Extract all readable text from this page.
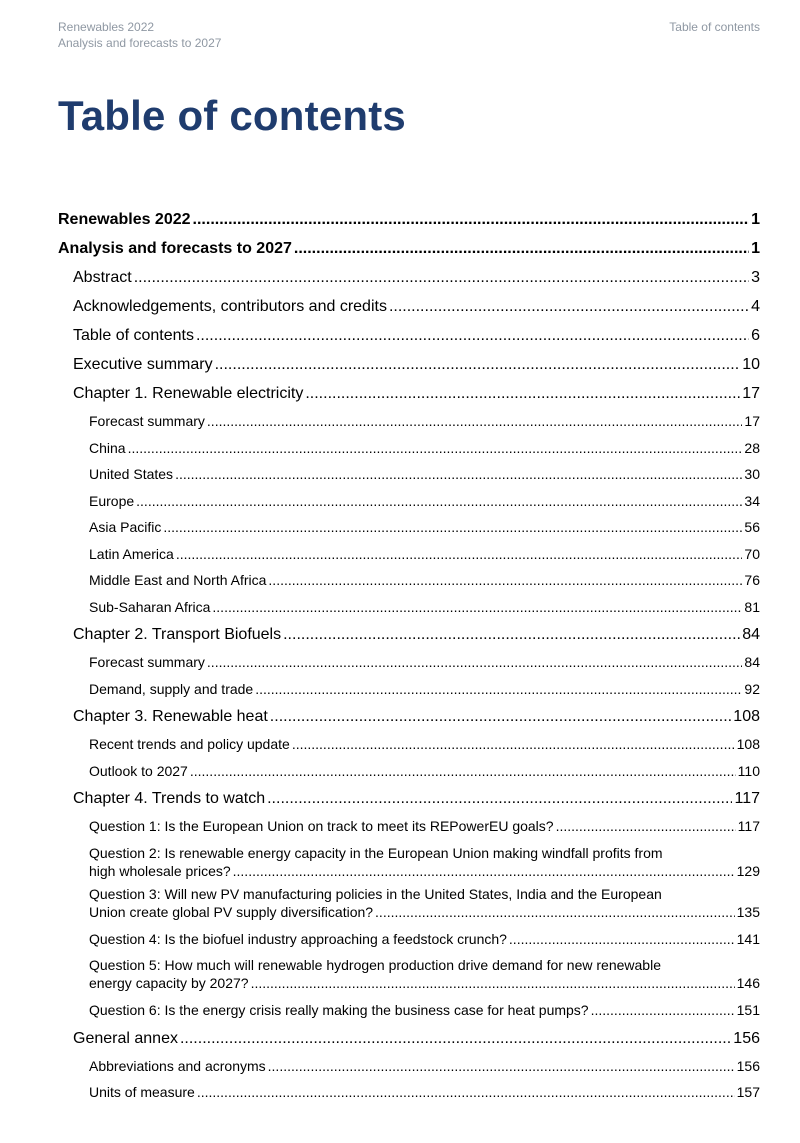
Renewables 2022
Analysis and forecasts to 2027
Table of contents
Table of contents
Renewables 2022 .....	1
Analysis and forecasts to 2027 .....	1
Abstract .....	3
Acknowledgements, contributors and credits .....	4
Table of contents .....	6
Executive summary .....	10
Chapter 1. Renewable electricity .....	17
Forecast summary .....	17
China .....	28
United States .....	30
Europe .....	34
Asia Pacific .....	56
Latin America .....	70
Middle East and North Africa .....	76
Sub-Saharan Africa .....	81
Chapter 2. Transport Biofuels .....	84
Forecast summary .....	84
Demand, supply and trade .....	92
Chapter 3. Renewable heat .....	108
Recent trends and policy update .....	108
Outlook to 2027 .....	110
Chapter 4. Trends to watch .....	117
Question 1: Is the European Union on track to meet its REPowerEU goals? .....	117
Question 2: Is renewable energy capacity in the European Union making windfall profits from
high wholesale prices? .....	129
Question 3: Will new PV manufacturing policies in the United States, India and the European
Union create global PV supply diversification? .....	135
Question 4: Is the biofuel industry approaching a feedstock crunch? .....	141
Question 5: How much will renewable hydrogen production drive demand for new renewable
energy capacity by 2027? .....	146
Question 6: Is the energy crisis really making the business case for heat pumps? .....	151
General annex .....	156
Abbreviations and acronyms .....	156
Units of measure .....	157
